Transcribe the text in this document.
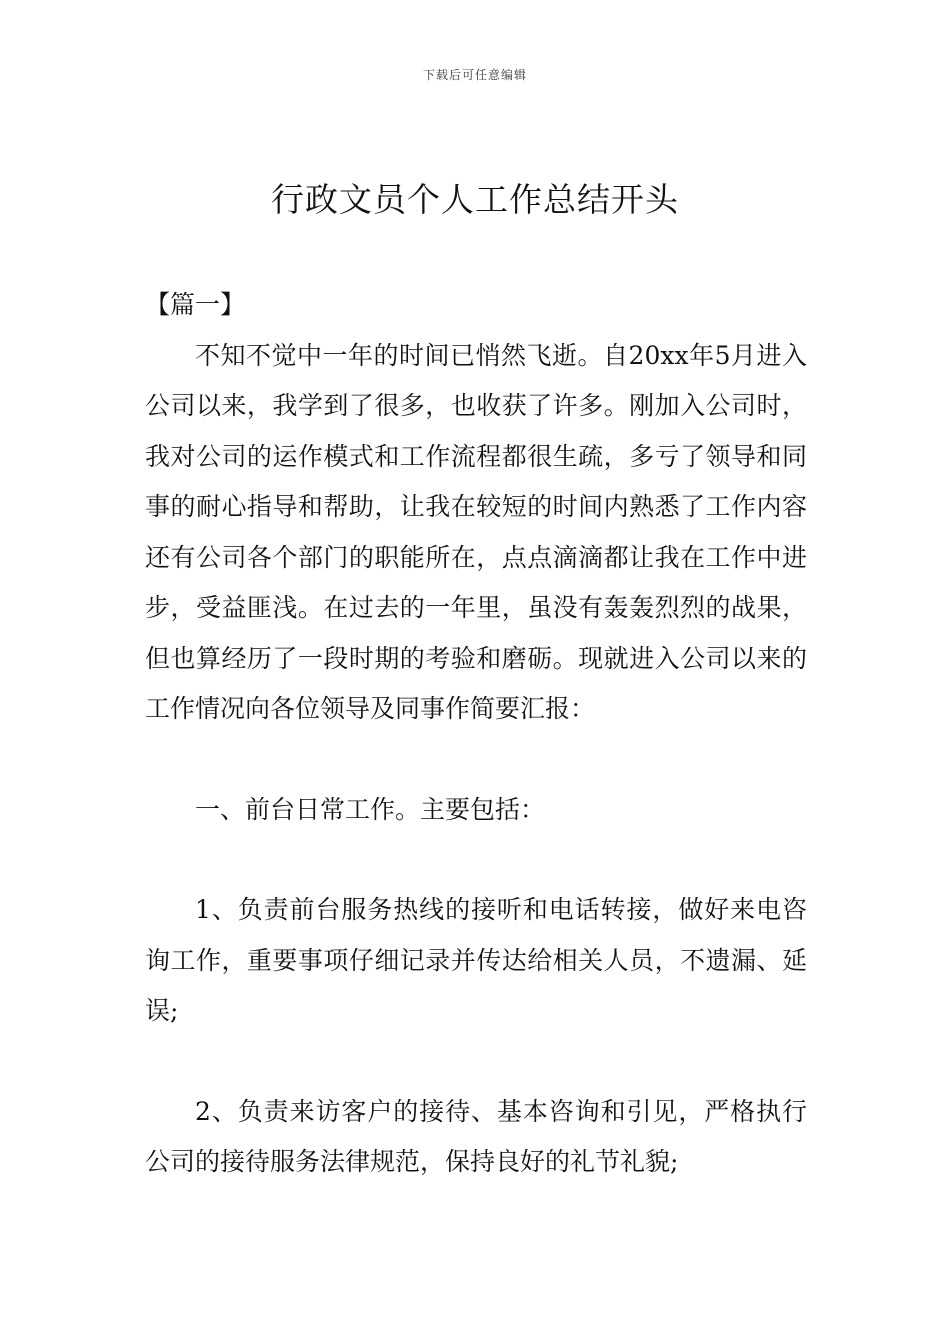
下载后可任意编辑
行政文员个人工作总结开头

【篇一】

不知不觉中一年的时间已悄然飞逝。自20xx年5月进入公司以来，我学到了很多，也收获了许多。刚加入公司时，我对公司的运作模式和工作流程都很生疏，多亏了领导和同事的耐心指导和帮助，让我在较短的时间内熟悉了工作内容还有公司各个部门的职能所在，点点滴滴都让我在工作中进步，受益匪浅。在过去的一年里，虽没有轰轰烈烈的战果，但也算经历了一段时期的考验和磨砺。现就进入公司以来的工作情况向各位领导及同事作简要汇报：

一、前台日常工作。主要包括：

1、负责前台服务热线的接听和电话转接，做好来电咨询工作，重要事项仔细记录并传达给相关人员，不遗漏、延误;

2、负责来访客户的接待、基本咨询和引见，严格执行公司的接待服务法律规范，保持良好的礼节礼貌;
